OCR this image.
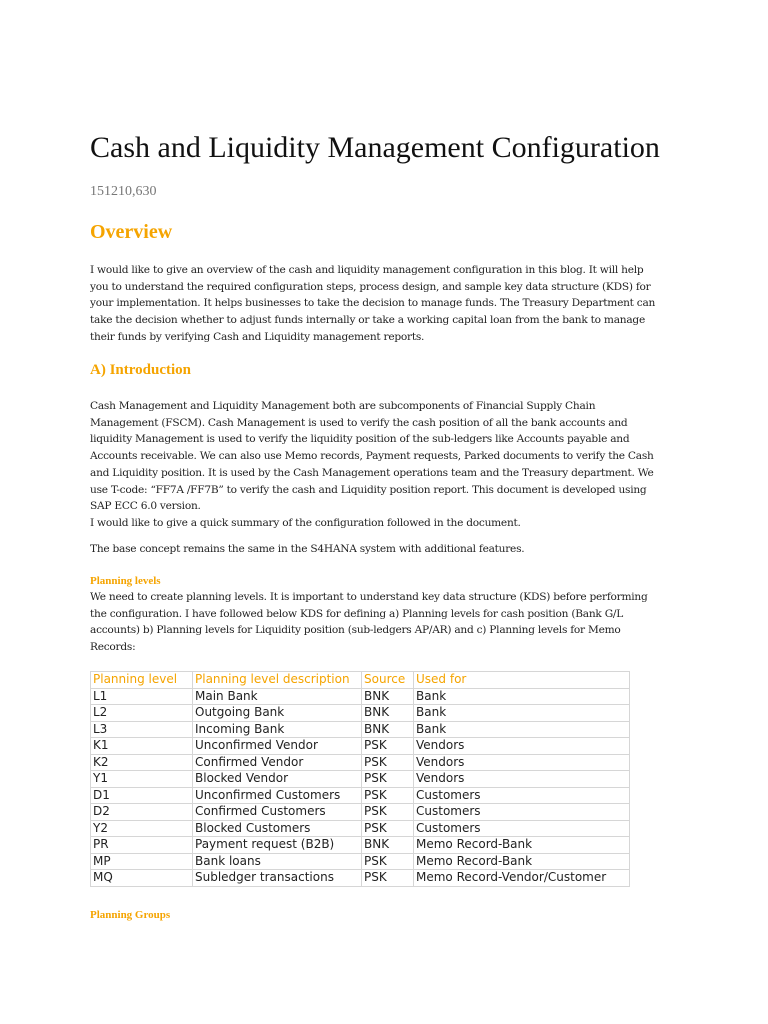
Cash and Liquidity Management Configuration

151210,630

Overview
I would like to give an overview of the cash and liquidity management configuration in this blog. It will help
you to understand the required configuration steps, process design, and sample key data structure (KDS) for
your implementation. It helps businesses to take the decision to manage funds. The Treasury Department can
take the decision whether to adjust funds internally or take a working capital loan from the bank to manage
their funds by verifying Cash and Liquidity management reports.
A) Introduction
Cash Management and Liquidity Management both are subcomponents of Financial Supply Chain
Management (FSCM). Cash Management is used to verify the cash position of all the bank accounts and
liquidity Management is used to verify the liquidity position of the sub-ledgers like Accounts payable and
Accounts receivable. We can also use Memo records, Payment requests, Parked documents to verify the Cash
and Liquidity position. It is used by the Cash Management operations team and the Treasury department. We
use T-code: “FF7A /FF7B” to verify the cash and Liquidity position report. This document is developed using
SAP ECC 6.0 version.
I would like to give a quick summary of the configuration followed in the document.
The base concept remains the same in the S4HANA system with additional features.
Planning levels
We need to create planning levels. It is important to understand key data structure (KDS) before performing
the configuration. I have followed below KDS for defining a) Planning levels for cash position (Bank G/L
accounts) b) Planning levels for Liquidity position (sub-ledgers AP/AR) and c) Planning levels for Memo
Records:
Planning level	Planning level description	Source	Used for
L1	Main Bank	BNK	Bank
L2	Outgoing Bank	BNK	Bank
L3	Incoming Bank	BNK	Bank
K1	Unconfirmed Vendor	PSK	Vendors
K2	Confirmed Vendor	PSK	Vendors
Y1	Blocked Vendor	PSK	Vendors
D1	Unconfirmed Customers	PSK	Customers
D2	Confirmed Customers	PSK	Customers
Y2	Blocked Customers	PSK	Customers
PR	Payment request (B2B)	BNK	Memo Record-Bank
MP	Bank loans	PSK	Memo Record-Bank
MQ	Subledger transactions	PSK	Memo Record-Vendor/Customer
Planning Groups
